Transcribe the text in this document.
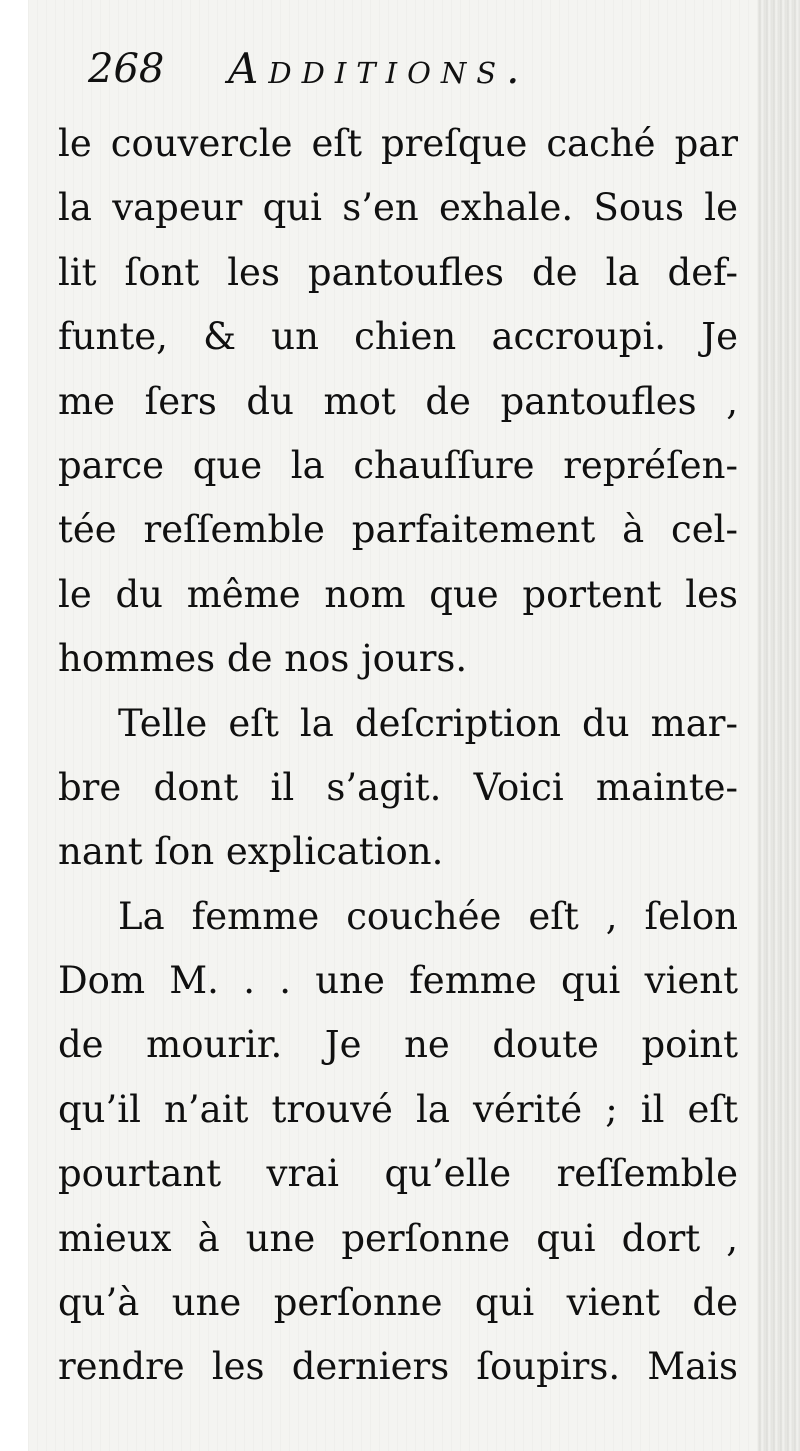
268 Additions.
le couvercle eſt preſque caché par
la vapeur qui s’en exhale. Sous le
lit ſont les pantoufles de la def-
funte, & un chien accroupi. Je
me ſers du mot de pantoufles ,
parce que la chauſſure repréſen-
tée reſſemble parfaitement à cel-
le du même nom que portent les
hommes de nos jours.
Telle eſt la deſcription du mar-
bre dont il s’agit. Voici mainte-
nant ſon explication.
La femme couchée eſt , ſelon
Dom M. . . une femme qui vient
de mourir. Je ne doute point
qu’il n’ait trouvé la vérité ; il eſt
pourtant vrai qu’elle reſſemble
mieux à une perſonne qui dort ,
qu’à une perſonne qui vient de
rendre les derniers ſoupirs. Mais
